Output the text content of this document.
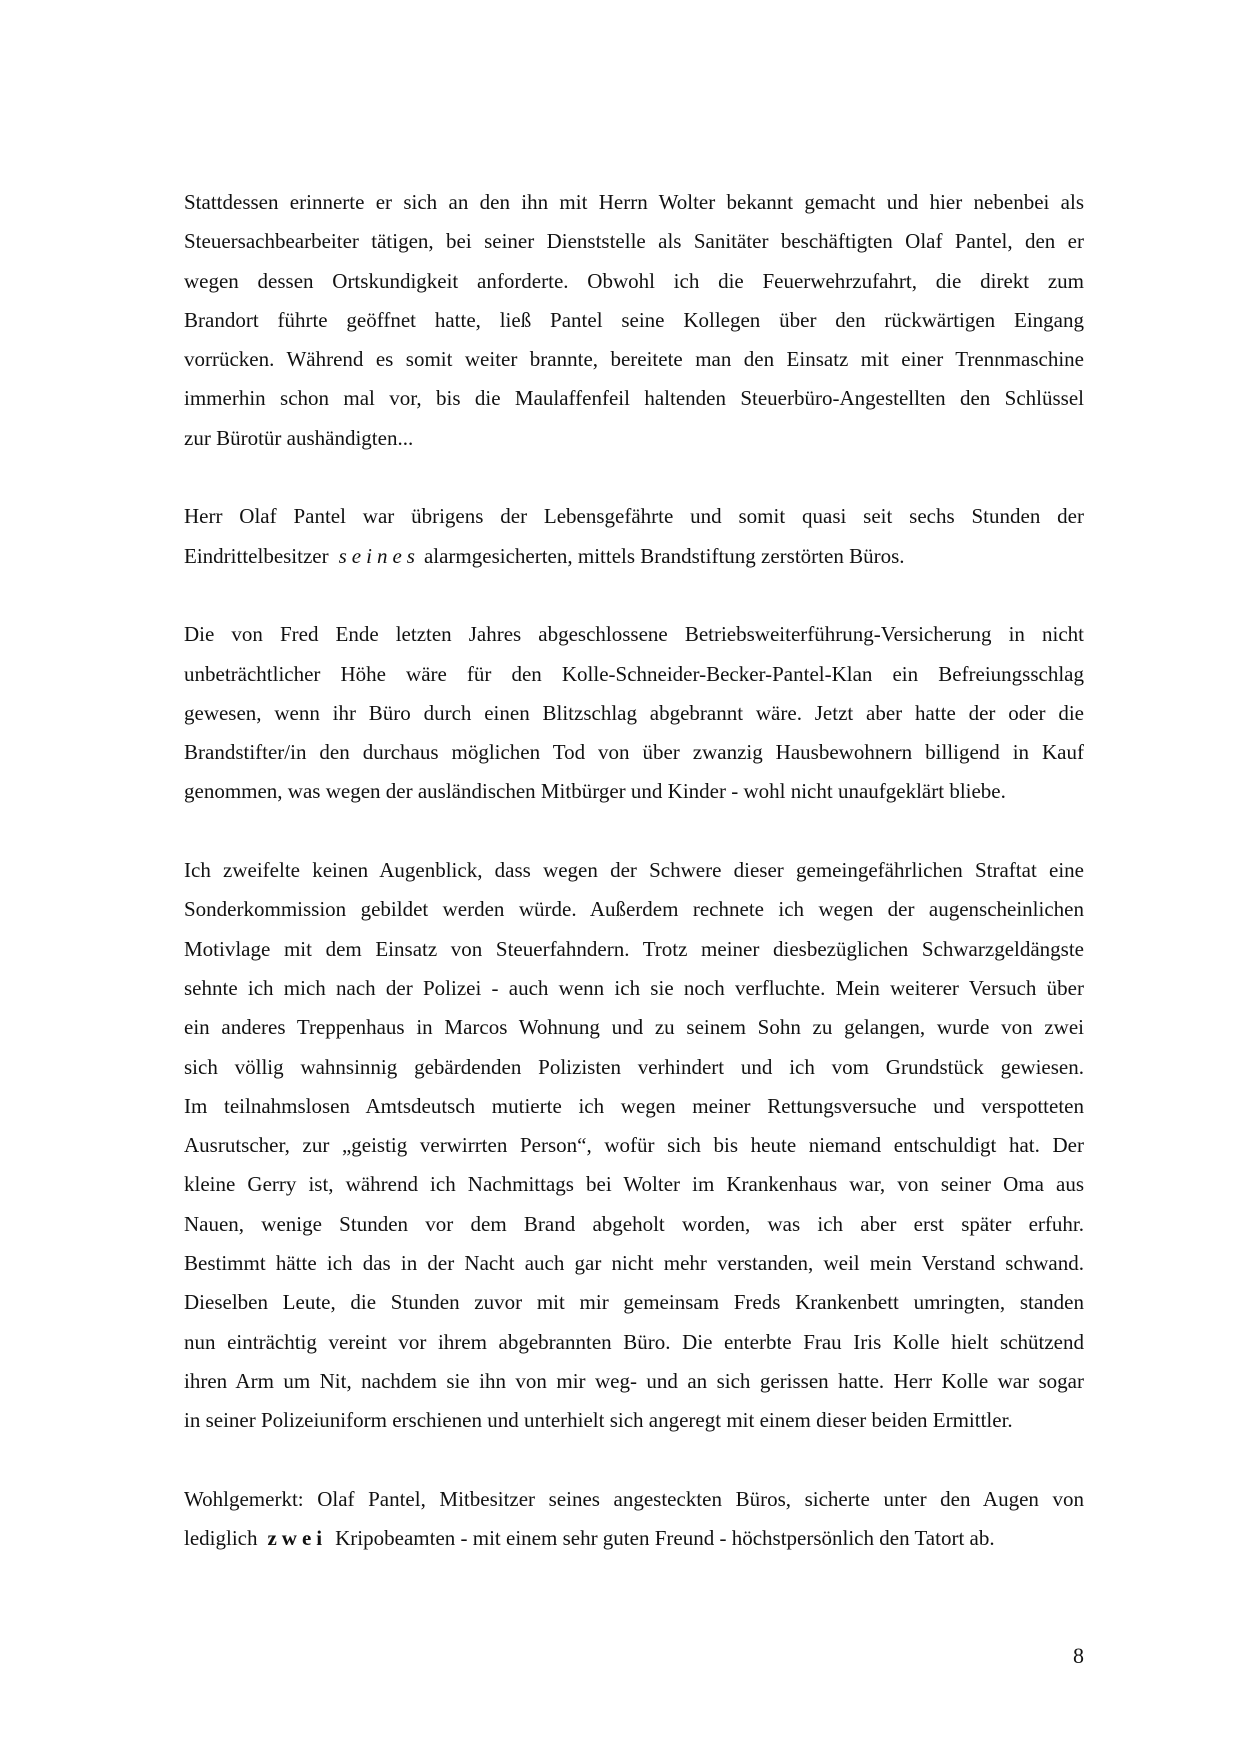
Stattdessen erinnerte er sich an den ihn mit Herrn Wolter bekannt gemacht und hier nebenbei als
Steuersachbearbeiter tätigen, bei seiner Dienststelle als Sanitäter beschäftigten Olaf Pantel, den er
wegen dessen Ortskundigkeit anforderte. Obwohl ich die Feuerwehrzufahrt, die direkt zum
Brandort führte geöffnet hatte, ließ Pantel seine Kollegen über den rückwärtigen Eingang
vorrücken. Während es somit weiter brannte, bereitete man den Einsatz mit einer Trennmaschine
immerhin schon mal vor, bis die Maulaffenfeil haltenden Steuerbüro-Angestellten den Schlüssel
zur Bürotür aushändigten...
Herr Olaf Pantel war übrigens der Lebensgefährte und somit quasi seit sechs Stunden der
Eindrittelbesitzer seines alarmgesicherten, mittels Brandstiftung zerstörten Büros.
Die von Fred Ende letzten Jahres abgeschlossene Betriebsweiterführung-Versicherung in nicht
unbeträchtlicher Höhe wäre für den Kolle-Schneider-Becker-Pantel-Klan ein Befreiungsschlag
gewesen, wenn ihr Büro durch einen Blitzschlag abgebrannt wäre. Jetzt aber hatte der oder die
Brandstifter/in den durchaus möglichen Tod von über zwanzig Hausbewohnern billigend in Kauf
genommen, was wegen der ausländischen Mitbürger und Kinder - wohl nicht unaufgeklärt bliebe.
Ich zweifelte keinen Augenblick, dass wegen der Schwere dieser gemeingefährlichen Straftat eine
Sonderkommission gebildet werden würde. Außerdem rechnete ich wegen der augenscheinlichen
Motivlage mit dem Einsatz von Steuerfahndern. Trotz meiner diesbezüglichen Schwarzgeldängste
sehnte ich mich nach der Polizei - auch wenn ich sie noch verfluchte. Mein weiterer Versuch über
ein anderes Treppenhaus in Marcos Wohnung und zu seinem Sohn zu gelangen, wurde von zwei
sich völlig wahnsinnig gebärdenden Polizisten verhindert und ich vom Grundstück gewiesen.
Im teilnahmslosen Amtsdeutsch mutierte ich wegen meiner Rettungsversuche und verspotteten
Ausrutscher, zur „geistig verwirrten Person“, wofür sich bis heute niemand entschuldigt hat. Der
kleine Gerry ist, während ich Nachmittags bei Wolter im Krankenhaus war, von seiner Oma aus
Nauen, wenige Stunden vor dem Brand abgeholt worden, was ich aber erst später erfuhr.
Bestimmt hätte ich das in der Nacht auch gar nicht mehr verstanden, weil mein Verstand schwand.
Dieselben Leute, die Stunden zuvor mit mir gemeinsam Freds Krankenbett umringten, standen
nun einträchtig vereint vor ihrem abgebrannten Büro. Die enterbte Frau Iris Kolle hielt schützend
ihren Arm um Nit, nachdem sie ihn von mir weg- und an sich gerissen hatte. Herr Kolle war sogar
in seiner Polizeiuniform erschienen und unterhielt sich angeregt mit einem dieser beiden Ermittler.
Wohlgemerkt: Olaf Pantel, Mitbesitzer seines angesteckten Büros, sicherte unter den Augen von
lediglich zwei Kripobeamten - mit einem sehr guten Freund - höchstpersönlich den Tatort ab.
8
